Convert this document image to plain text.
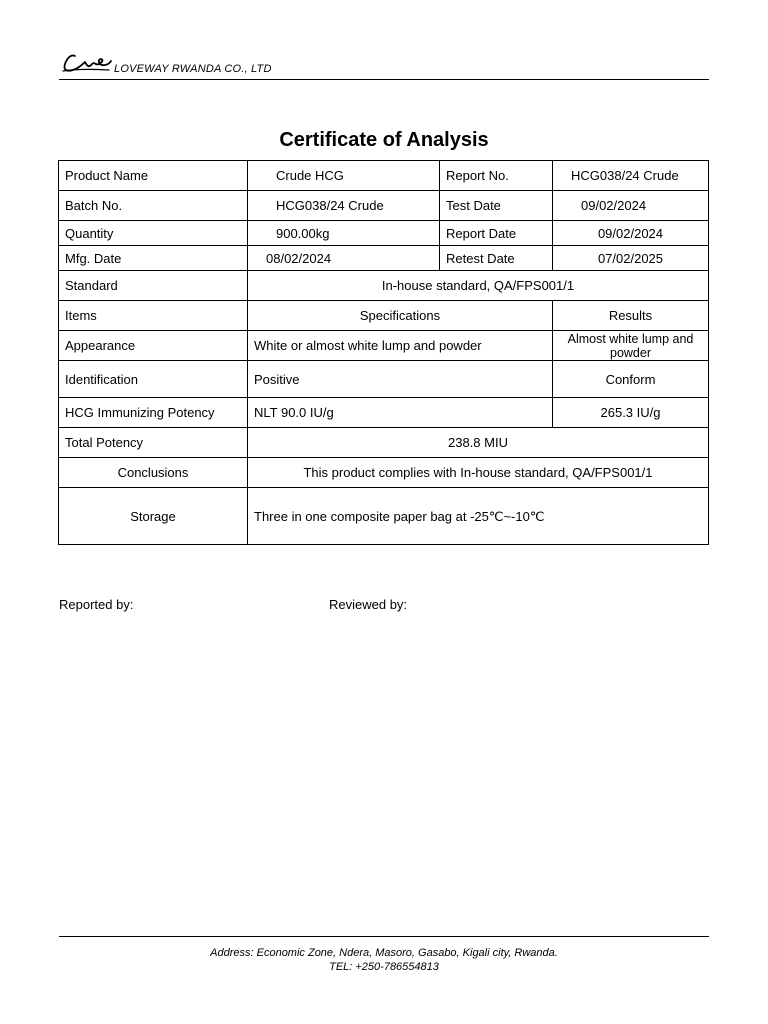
LOVEWAY RWANDA CO., LTD
Certificate of Analysis
Product Name	Crude HCG	Report No.	HCG038/24 Crude
Batch No.	HCG038/24 Crude	Test Date	09/02/2024
Quantity	900.00kg	Report Date	09/02/2024
Mfg. Date	08/02/2024	Retest Date	07/02/2025
Standard	In-house standard, QA/FPS001/1		
Items	Specifications		Results
Appearance	White or almost white lump and powder		Almost white lump and powder
Identification	Positive		Conform
HCG Immunizing Potency	NLT 90.0 IU/g		265.3 IU/g
Total Potency	238.8 MIU		
Conclusions	This product complies with In-house standard, QA/FPS001/1		
Storage	Three in one composite paper bag at -25℃~-10℃		
Reported by:	Reviewed by:
Address: Economic Zone, Ndera, Masoro, Gasabo, Kigali city, Rwanda.
TEL: +250-786554813
